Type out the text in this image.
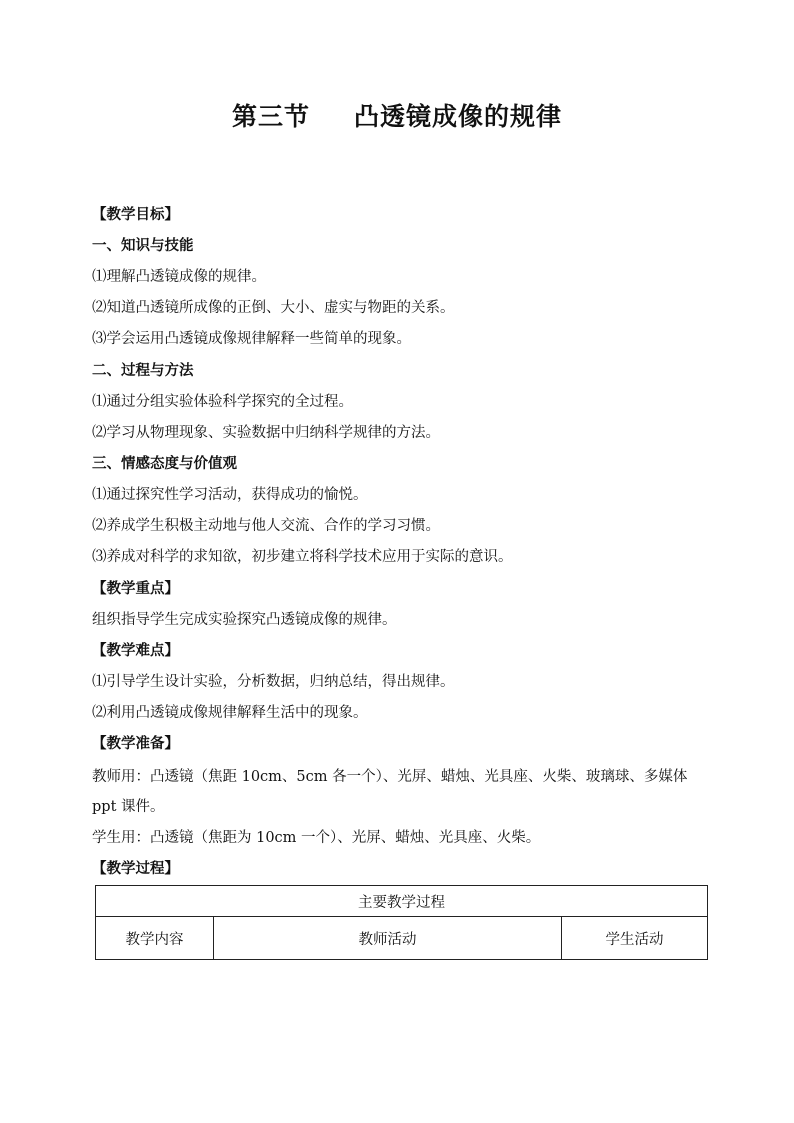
第三节 凸透镜成像的规律
【教学目标】
一、知识与技能
⑴理解凸透镜成像的规律。
⑵知道凸透镜所成像的正倒、大小、虚实与物距的关系。
⑶学会运用凸透镜成像规律解释一些简单的现象。
二、过程与方法
⑴通过分组实验体验科学探究的全过程。
⑵学习从物理现象、实验数据中归纳科学规律的方法。
三、情感态度与价值观
⑴通过探究性学习活动，获得成功的愉悦。
⑵养成学生积极主动地与他人交流、合作的学习习惯。
⑶养成对科学的求知欲，初步建立将科学技术应用于实际的意识。
【教学重点】
组织指导学生完成实验探究凸透镜成像的规律。
【教学难点】
⑴引导学生设计实验，分析数据，归纳总结，得出规律。
⑵利用凸透镜成像规律解释生活中的现象。
【教学准备】
教师用：凸透镜（焦距 10cm、5cm 各一个）、光屏、蜡烛、光具座、火柴、玻璃球、多媒体 ppt 课件。
学生用：凸透镜（焦距为 10cm 一个）、光屏、蜡烛、光具座、火柴。
【教学过程】
主要教学过程
教学内容	教师活动	学生活动
